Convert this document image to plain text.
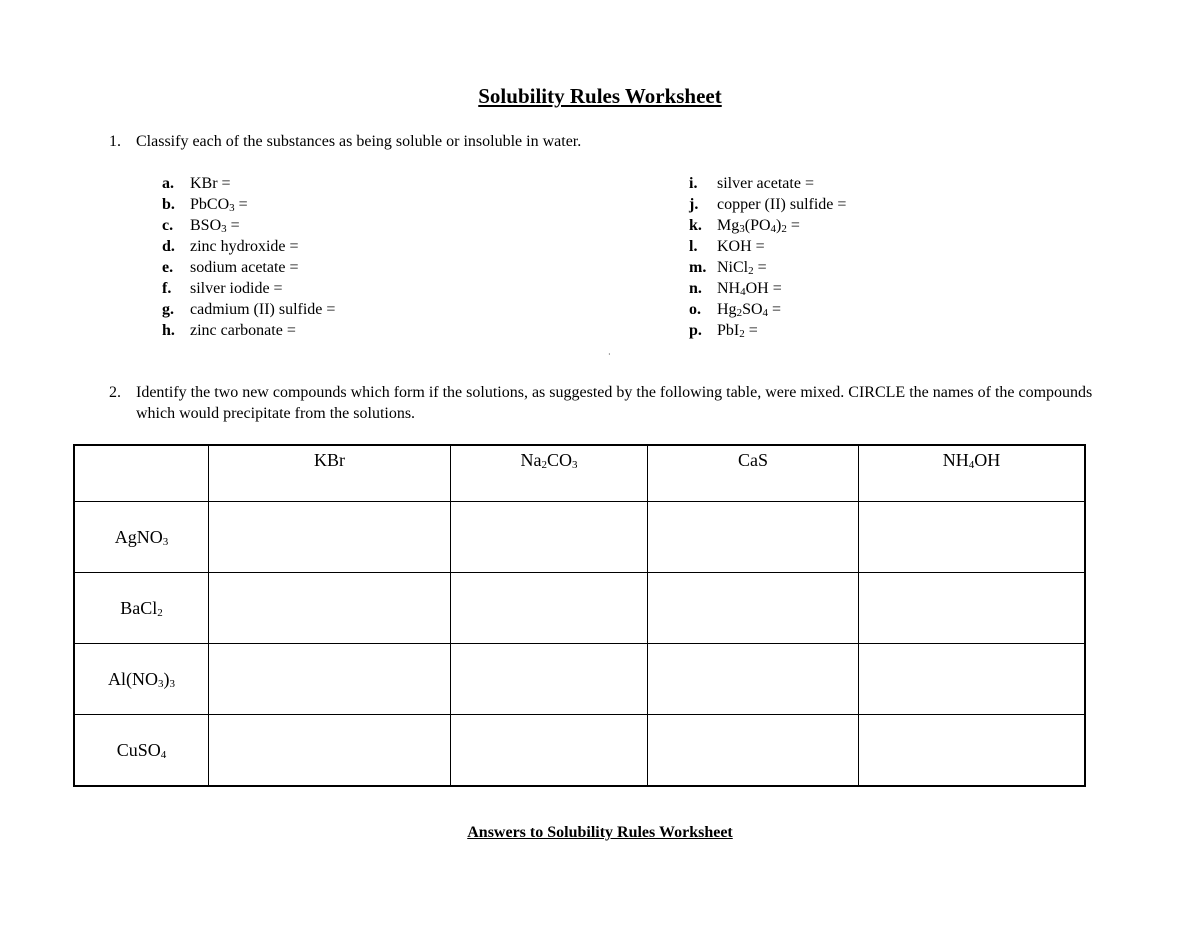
Solubility Rules Worksheet
1. Classify each of the substances as being soluble or insoluble in water.
a. KBr =
b. PbCO$_3$ =
c. $BSO_3$ =
d. zinc hydroxide =
e. sodium acetate =
f. silver iodide =
g. cadmium (II) sulfide =
h. zinc carbonate =
i. silver acetate =
j. copper (II) sulfide =
k. $Mg_3(PO_4)_2$ =
l. KOH =
m. NiCl$_2$ =
n. $NH_4OH$ =
o. $Hg_2SO_4$ =
p. PbI$_2$ =
·
2. Identify the two new compounds which form if the solutions, as suggested by the following table, were mixed. CIRCLE the names of the compounds which would precipitate from the solutions.
	KBr	$Na_2CO_3$	CaS	$NH_4OH$
AgNO$_3$				
BaCl$_2$				
$Al(NO_3)_3$				
CuSO$_4$				
Answers to Solubility Rules Worksheet
